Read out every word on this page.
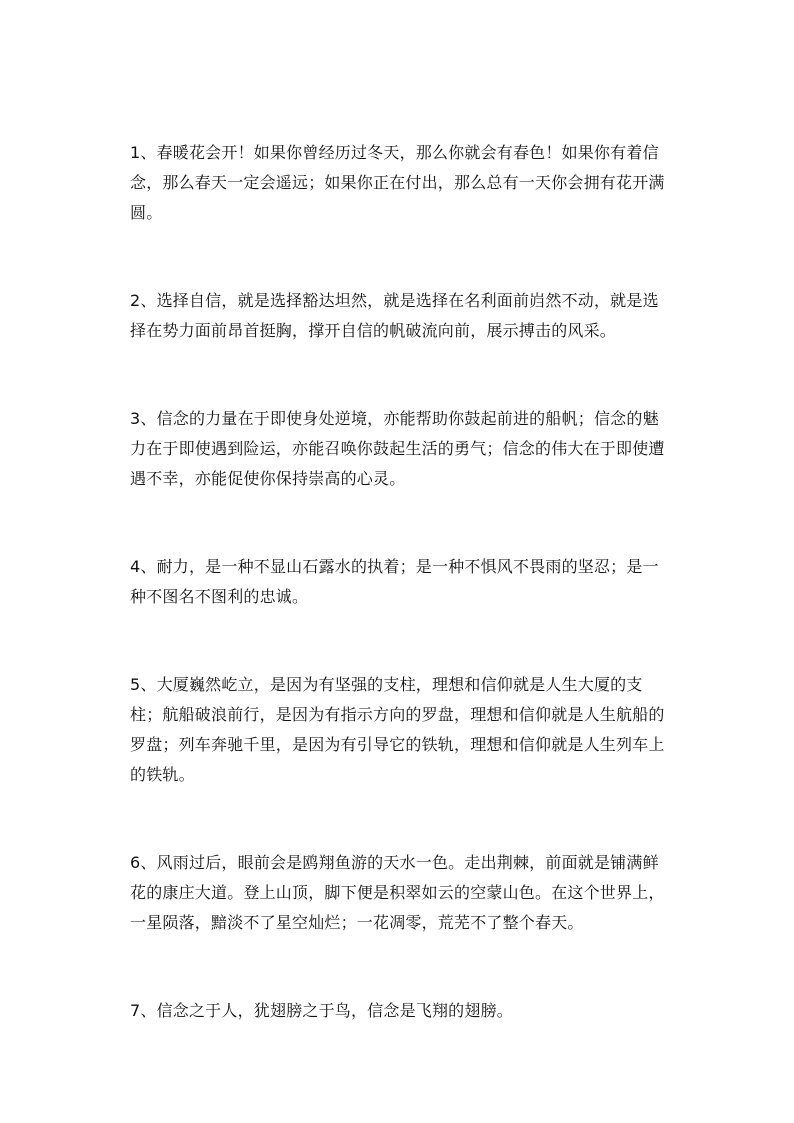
1、春暖花会开！如果你曾经历过冬天，那么你就会有春色！如果你有着信念，那么春天一定会遥远；如果你正在付出，那么总有一天你会拥有花开满圆。

2、选择自信，就是选择豁达坦然，就是选择在名利面前岿然不动，就是选择在势力面前昂首挺胸，撑开自信的帆破流向前，展示搏击的风采。

3、信念的力量在于即使身处逆境，亦能帮助你鼓起前进的船帆；信念的魅力在于即使遇到险运，亦能召唤你鼓起生活的勇气；信念的伟大在于即使遭遇不幸，亦能促使你保持崇高的心灵。

4、耐力，是一种不显山石露水的执着；是一种不惧风不畏雨的坚忍；是一种不图名不图利的忠诚。

5、大厦巍然屹立，是因为有坚强的支柱，理想和信仰就是人生大厦的支柱；航船破浪前行，是因为有指示方向的罗盘，理想和信仰就是人生航船的罗盘；列车奔驰千里，是因为有引导它的铁轨，理想和信仰就是人生列车上的铁轨。

6、风雨过后，眼前会是鸥翔鱼游的天水一色。走出荆棘，前面就是铺满鲜花的康庄大道。登上山顶，脚下便是积翠如云的空蒙山色。在这个世界上，一星陨落，黯淡不了星空灿烂；一花凋零，荒芜不了整个春天。

7、信念之于人，犹翅膀之于鸟，信念是飞翔的翅膀。
